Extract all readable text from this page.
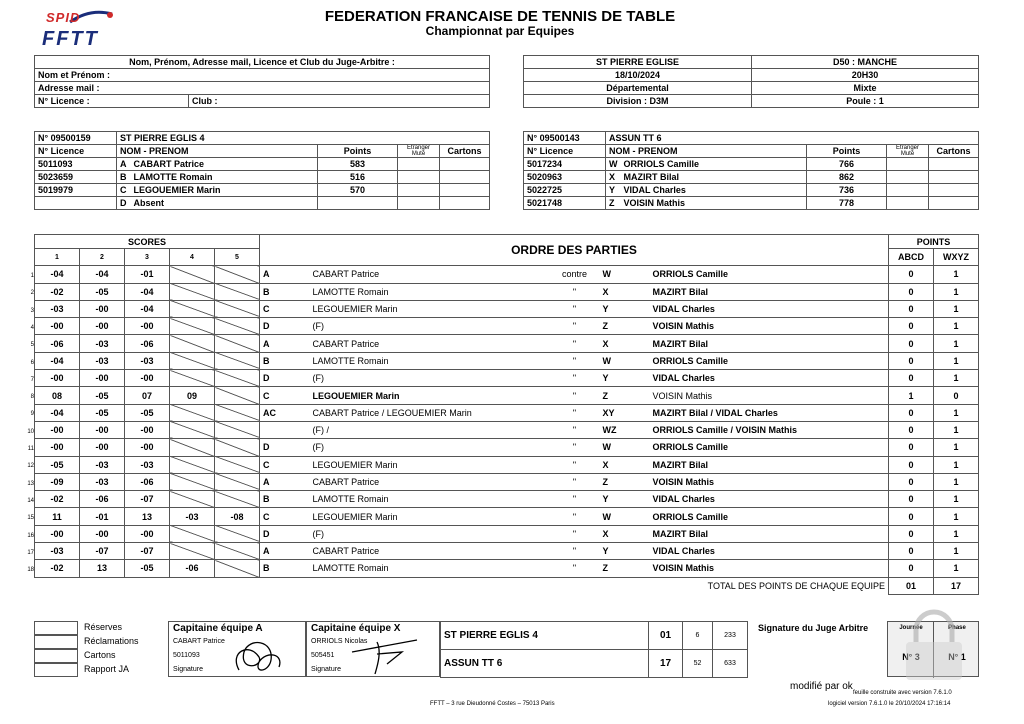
SPID
FFTT
FEDERATION FRANCAISE DE TENNIS DE TABLE
Championnat par Equipes
Nom, Prénom, Adresse mail, Licence et Club du Juge-Arbitre :
Nom et Prénom :
Adresse mail :
N° Licence :	Club :
ST PIERRE EGLISE	D50 : MANCHE
18/10/2024	20H30
Départemental	Mixte
Division : D3M	Poule : 1
N° 09500159	ST PIERRE EGLIS 4				
N° Licence	NOM - PRENOM		Points	Etranger
Muté	Cartons
5011093	A	CABART Patrice	583		
5023659	B	LAMOTTE Romain	516		
5019979	C	LEGOUEMIER Marin	570		
	D	Absent			
N° 09500143	ASSUN TT 6				
N° Licence	NOM - PRENOM		Points	Etranger
Muté	Cartons
5017234	W	ORRIOLS Camille	766		
5020963	X	MAZIRT Bilal	862		
5022725	Y	VIDAL Charles	736		
5021748	Z	VOISIN Mathis	778		
1
2
3
4
5
6
7
8
9
10
11
12
13
14
15
16
17
18
SCORES					ORDRE DES PARTIES					POINTS	
1	2	3	4	5						ABCD	WXYZ
-04	-04	-01			A	CABART Patrice	contre	W	ORRIOLS Camille	0	1
-02	-05	-04			B	LAMOTTE Romain	"	X	MAZIRT Bilal	0	1
-03	-00	-04			C	LEGOUEMIER Marin	"	Y	VIDAL Charles	0	1
-00	-00	-00			D	(F)	"	Z	VOISIN Mathis	0	1
-06	-03	-06			A	CABART Patrice	"	X	MAZIRT Bilal	0	1
-04	-03	-03			B	LAMOTTE Romain	"	W	ORRIOLS Camille	0	1
-00	-00	-00			D	(F)	"	Y	VIDAL Charles	0	1
08	-05	07	09		C	LEGOUEMIER Marin	"	Z	VOISIN Mathis	1	0
-04	-05	-05			AC	CABART Patrice / LEGOUEMIER Marin	"	XY	MAZIRT Bilal / VIDAL Charles	0	1
-00	-00	-00				(F) /	"	WZ	ORRIOLS Camille / VOISIN Mathis	0	1
-00	-00	-00			D	(F)	"	W	ORRIOLS Camille	0	1
-05	-03	-03			C	LEGOUEMIER Marin	"	X	MAZIRT Bilal	0	1
-09	-03	-06			A	CABART Patrice	"	Z	VOISIN Mathis	0	1
-02	-06	-07			B	LAMOTTE Romain	"	Y	VIDAL Charles	0	1
11	-01	13	-03	-08	C	LEGOUEMIER Marin	"	W	ORRIOLS Camille	0	1
-00	-00	-00			D	(F)	"	X	MAZIRT Bilal	0	1
-03	-07	-07			A	CABART Patrice	"	Y	VIDAL Charles	0	1
-02	13	-05	-06		B	LAMOTTE Romain	"	Z	VOISIN Mathis	0	1
TOTAL DES POINTS DE CHAQUE EQUIPE										01	17
Réserves
Réclamations
Cartons
Rapport JA
Capitaine équipe A
CABART Patrice
5011093
Signature
Capitaine équipe X
ORRIOLS Nicolas
505451
Signature
ST PIERRE EGLIS 4	01	6	233
ASSUN TT 6	17	52	633
Signature du Juge Arbitre	Journée
N° 3
Phase
N° 1
modifié par ok
feuille construite avec version 7.6.1.0
logiciel version 7.6.1.0 le 20/10/2024 17:16:14
FFTT – 3 rue Dieudonné Costes – 75013 Paris
